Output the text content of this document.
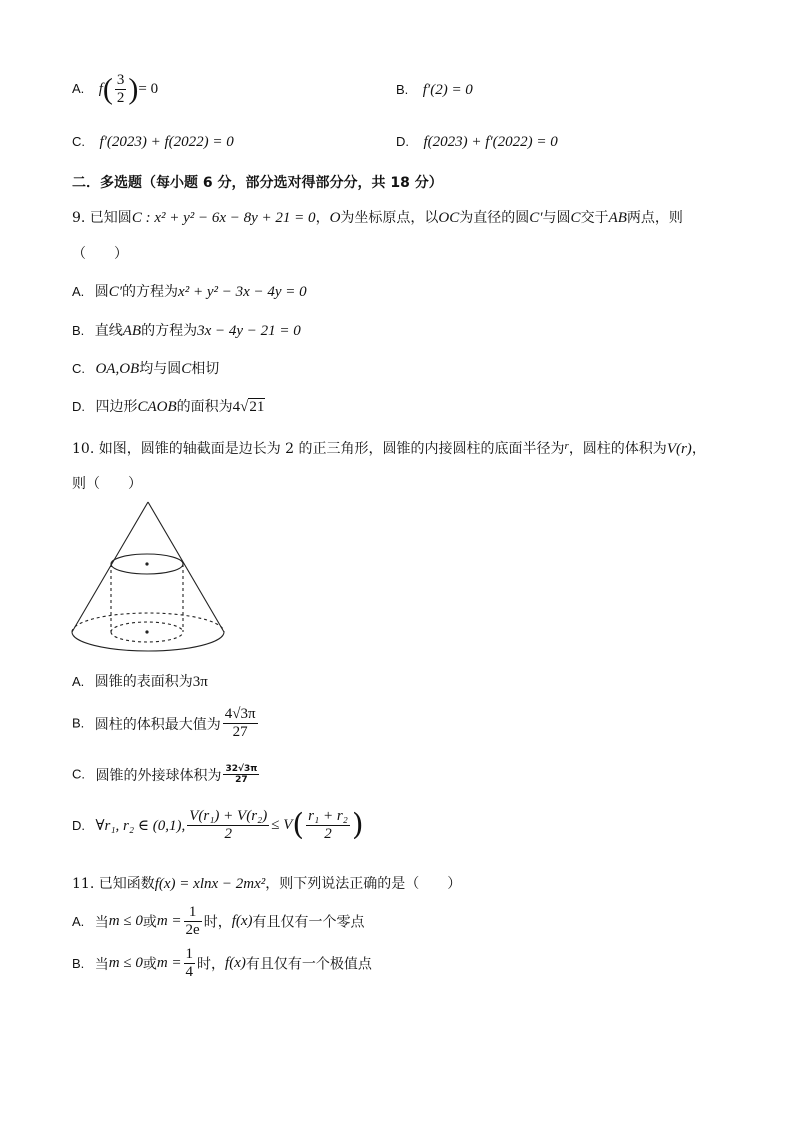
A. $f( \frac{3}{2}$ )= 0	B. f′(2) = 0
C. f′(2023) + f(2022) = 0	D. f(2023) + f′(2022) = 0
二．多选题（每小题 6 分，部分选对得部分分，共 18 分）
9. 已知圆C : x² + y² − 6x − 8y + 21 = 0，O为坐标原点，以OC为直径的圆C′与圆C交于AB两点，则
（　　）
A. 圆C′的方程为x² + y² − 3x − 4y = 0
B. 直线AB的方程为3x − 4y − 21 = 0
C. OA,OB均与圆C相切
D. 四边形CAOB的面积为4√21
10. 如图，圆锥的轴截面是边长为 2 的正三角形，圆锥的内接圆柱的底面半径为$^r$，圆柱的体积为V(r)，
则（　　）
A. 圆锥的表面积为3π
B. 圆柱的体积最大值为 $\frac{4√3\pi}{27}$
C. 圆锥的外接球体积为 $\frac{32√3\pi}{27}$
D. ∀r₁, r₂ ∈ (0,1), $\frac{\text{V(r₁) + V(r₂)}}{2} \le V( \frac{\text{r₁ + r₂}}{2}$ )
11. 已知函数f(x) = xlnx − 2mx²，则下列说法正确的是（　　）
A. 当m ≤ 0或$m = \frac{1}{2e}$ 时，f(x)有且仅有一个零点
B. 当m ≤ 0或$m = \frac{1}{4}$ 时，f(x)有且仅有一个极值点
